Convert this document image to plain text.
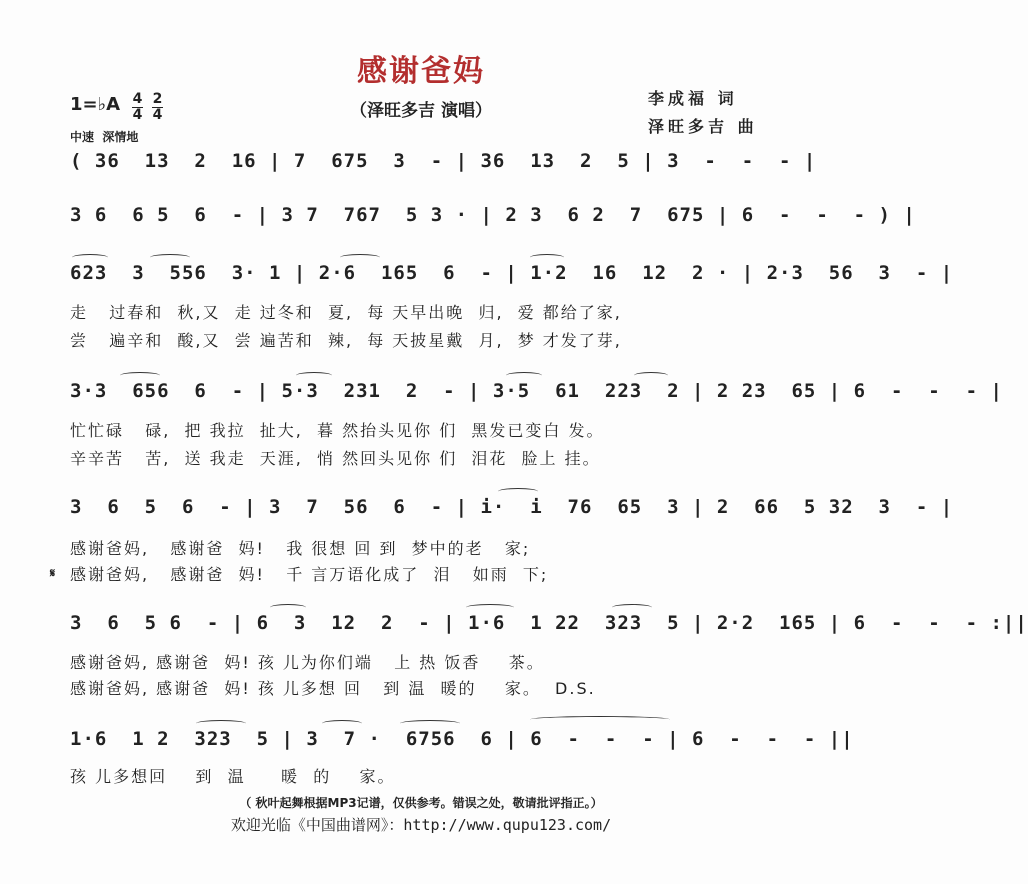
感谢爸妈
（泽旺多吉 演唱）
李成福 词
泽旺多吉 曲
1=♭A 4
4
2
4
中速  深情地
( 36  13  2  16 | 7  675  3  - | 36  13  2  5 | 3  -  -  - |
3 6  6 5  6  - | 3 7  767  5 3 · | 2 3  6 2  7  675 | 6  -  -  - ) |
623  3  556  3· 1 | 2·6  165  6  - | 1·2  16  12  2 · | 2·3  56  3  - |
走   过春和  秋,又  走 过冬和  夏,  每 天早出晚  归,  爱 都给了家,
尝   遍辛和  酸,又  尝 遍苦和  辣,  每 天披星戴  月,  梦 才发了芽,
3·3  656  6  - | 5·3  231  2  - | 3·5  61  223  2 | 2 23  65 | 6  -  -  - |
忙忙碌   碌,  把 我拉  扯大,  暮 然抬头见你 们  黑发已变白 发。
辛辛苦   苦,  送 我走  天涯,  悄 然回头见你 们  泪花  脸上 挂。
3  6  5  6  - | 3  7  56  6  - | i·  i  76  65  3 | 2  66  5 32  3  - |
感谢爸妈,   感谢爸  妈!   我 很想 回 到  梦中的老   家;
𝄋 感谢爸妈,   感谢爸  妈!   千 言万语化成了  泪   如雨  下;
3  6  5 6  - | 6  3  12  2  - | 1·6  1 22  323  5 | 2·2  165 | 6  -  -  - :||
感谢爸妈, 感谢爸  妈! 孩 儿为你们端   上 热 饭香    茶。
感谢爸妈, 感谢爸  妈! 孩 儿多想 回   到 温  暖的    家。  D.S.
1·6  1 2  323  5 | 3  7 ·  6756  6 | 6  -  -  - | 6  -  -  - ||
孩 儿多想回    到  温     暖  的    家。
（ 秋叶起舞根据MP3记谱，仅供参考。错误之处，敬请批评指正。）
欢迎光临《中国曲谱网》：http://www.qupu123.com/
